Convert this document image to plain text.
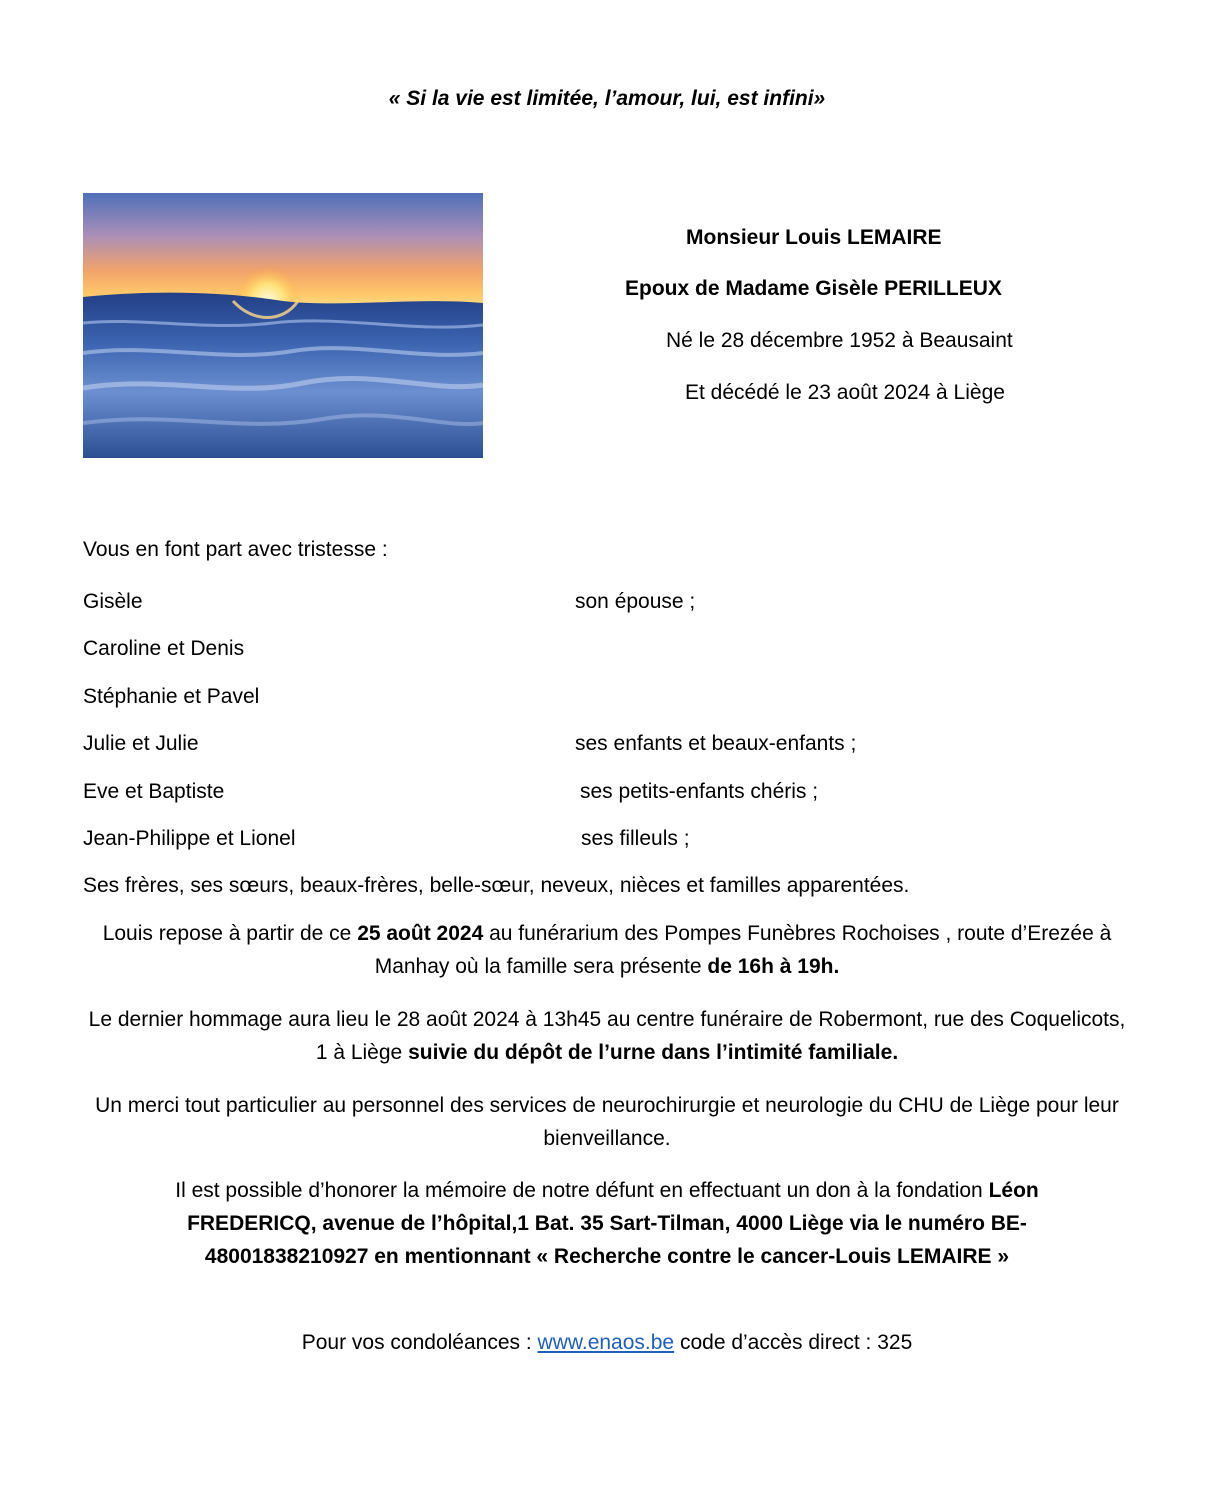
« Si la vie est limitée, l’amour, lui, est infini»
Monsieur Louis LEMAIRE
Epoux de Madame Gisèle PERILLEUX
Né le 28 décembre 1952 à Beausaint
Et décédé le 23 août 2024 à Liège
Vous en font part avec tristesse :
Gisèle	son épouse ;
Caroline et Denis
Stéphanie et Pavel
Julie et Julie	ses enfants et beaux-enfants ;
Eve et Baptiste	ses petits-enfants chéris ;
Jean-Philippe et Lionel	ses filleuls ;
Ses frères, ses sœurs, beaux-frères, belle-sœur, neveux, nièces et familles apparentées.
Louis repose à partir de ce 25 août 2024 au funérarium des Pompes Funèbres Rochoises , route d’Erezée à Manhay où la famille sera présente de 16h à 19h.
Le dernier hommage aura lieu le 28 août 2024 à 13h45 au centre funéraire de Robermont, rue des Coquelicots, 1 à Liège suivie du dépôt de l’urne dans l’intimité familiale.
Un merci tout particulier au personnel des services de neurochirurgie et neurologie du CHU de Liège pour leur bienveillance.
Il est possible d’honorer la mémoire de notre défunt en effectuant un don à la fondation Léon FREDERICQ, avenue de l’hôpital,1 Bat. 35 Sart-Tilman, 4000 Liège via le numéro BE-48001838210927 en mentionnant « Recherche contre le cancer-Louis LEMAIRE »
Pour vos condoléances : www.enaos.be code d’accès direct : 325
